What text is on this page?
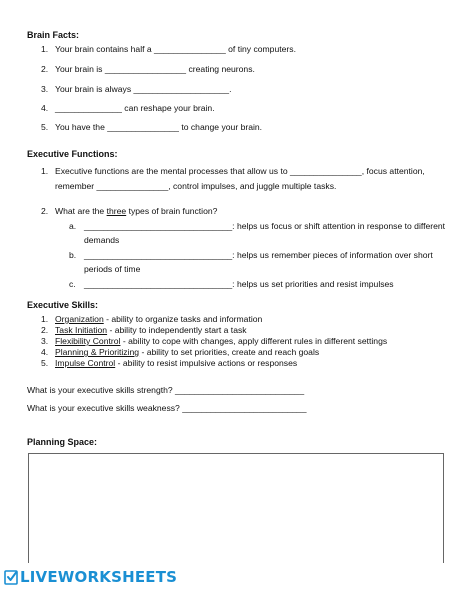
Brain Facts:
1. Your brain contains half a _______________ of tiny computers.
2. Your brain is _________________ creating neurons.
3. Your brain is always ____________________.
4. ______________ can reshape your brain.
5. You have the _______________ to change your brain.
Executive Functions:
1. Executive functions are the mental processes that allow us to _______________, focus attention,
remember _______________, control impulses, and juggle multiple tasks.
2. What are the three types of brain function?
a. _______________________________: helps us focus or shift attention in response to different
demands
b. _______________________________: helps us remember pieces of information over short
periods of time
c. _______________________________: helps us set priorities and resist impulses
Executive Skills:
1. Organization - ability to organize tasks and information
2. Task Initiation - ability to independently start a task
3. Flexibility Control - ability to cope with changes, apply different rules in different settings
4. Planning & Prioritizing - ability to set priorities, create and reach goals
5. Impulse Control - ability to resist impulsive actions or responses
What is your executive skills strength? ___________________________
What is your executive skills weakness? __________________________
Planning Space:
LIVEWORKSHEETS
